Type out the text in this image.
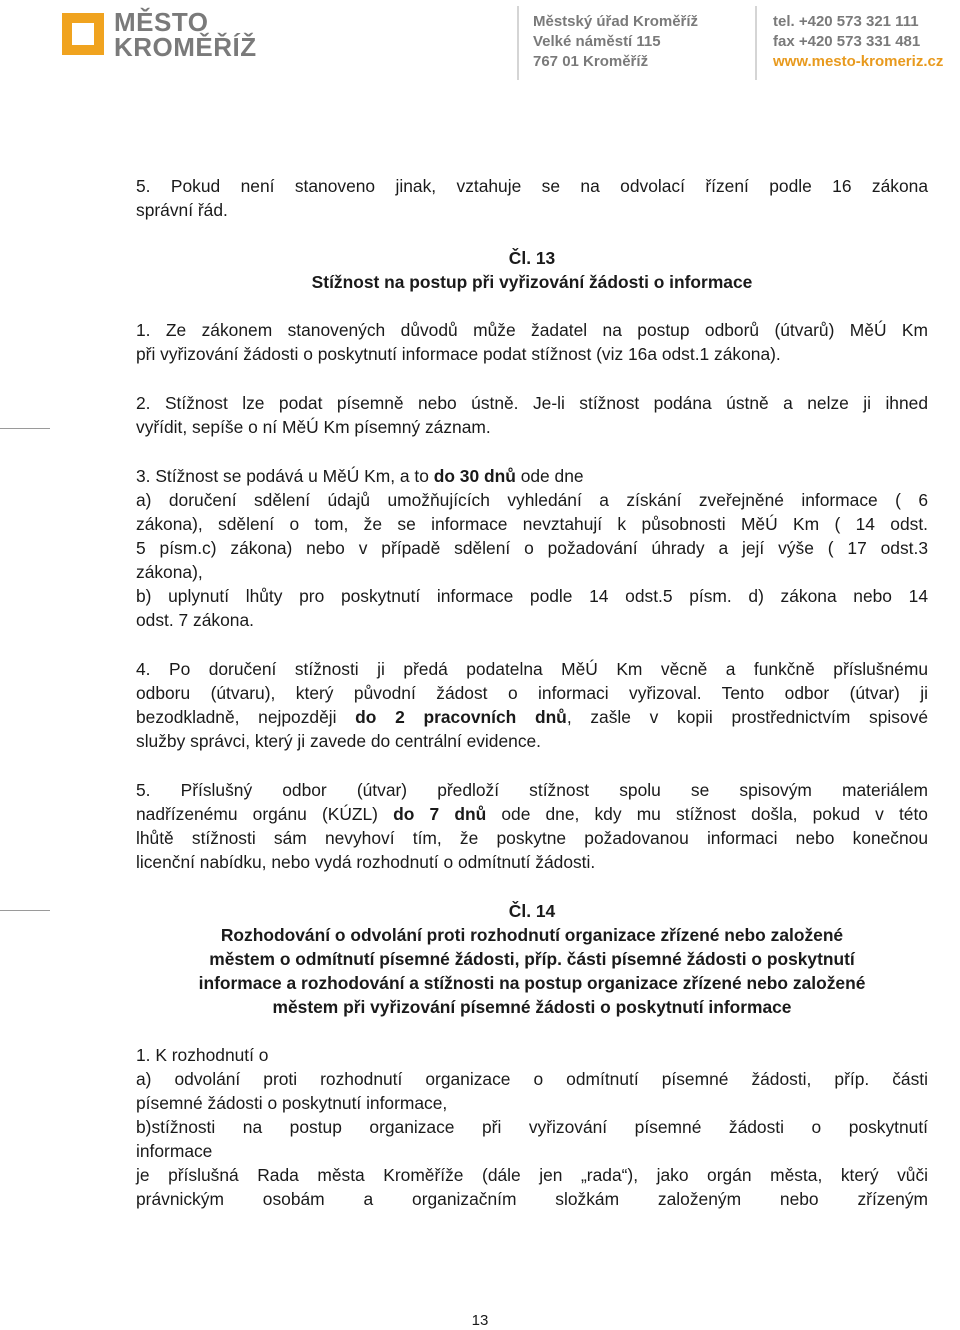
MĚSTO
KROMĚŘÍŽ
Městský úřad Kroměříž
Velké náměstí 115
767 01 Kroměříž
tel. +420 573 321 111
fax +420 573 331 481
www.mesto-kromeriz.cz
5. Pokud není stanoveno jinak, vztahuje se na odvolací řízení podle 16 zákona
správní řád.
Čl. 13
Stížnost na postup při vyřizování žádosti o informace
1. Ze zákonem stanovených důvodů může žadatel na postup odborů (útvarů) MěÚ Km
při vyřizování žádosti o poskytnutí informace podat stížnost (viz 16a odst.1 zákona).
2. Stížnost lze podat písemně nebo ústně. Je-li stížnost podána ústně a nelze ji ihned
vyřídit, sepíše o ní MěÚ Km písemný záznam.
3. Stížnost se podává u MěÚ Km, a to do 30 dnů ode dne
a) doručení sdělení údajů umožňujících vyhledání a získání zveřejněné informace ( 6
zákona), sdělení o tom, že se informace nevztahují k působnosti MěÚ Km ( 14 odst.
5 písm.c) zákona) nebo v případě sdělení o požadování úhrady a její výše ( 17 odst.3
zákona),
b) uplynutí lhůty pro poskytnutí informace podle 14 odst.5 písm. d) zákona nebo 14
odst. 7 zákona.
4. Po doručení stížnosti ji předá podatelna MěÚ Km věcně a funkčně příslušnému
odboru (útvaru), který původní žádost o informaci vyřizoval. Tento odbor (útvar) ji
bezodkladně, nejpozději do 2 pracovních dnů, zašle v kopii prostřednictvím spisové
služby správci, který ji zavede do centrální evidence.
5. Příslušný odbor (útvar) předloží stížnost spolu se spisovým materiálem
nadřízenému orgánu (KÚZL) do 7 dnů ode dne, kdy mu stížnost došla, pokud v této
lhůtě stížnosti sám nevyhoví tím, že poskytne požadovanou informaci nebo konečnou
licenční nabídku, nebo vydá rozhodnutí o odmítnutí žádosti.
Čl. 14
Rozhodování o odvolání proti rozhodnutí organizace zřízené nebo založené
městem o odmítnutí písemné žádosti, příp. části písemné žádosti o poskytnutí
informace a rozhodování a stížnosti na postup organizace zřízené nebo založené
městem při vyřizování písemné žádosti o poskytnutí informace
1. K rozhodnutí o
a) odvolání proti rozhodnutí organizace o odmítnutí písemné žádosti, příp. části
písemné žádosti o poskytnutí informace,
b)stížnosti na postup organizace při vyřizování písemné žádosti o poskytnutí
informace
je příslušná Rada města Kroměříže (dále jen „rada“), jako orgán města, který vůči
právnickým osobám a organizačním složkám založeným nebo zřízeným
13
